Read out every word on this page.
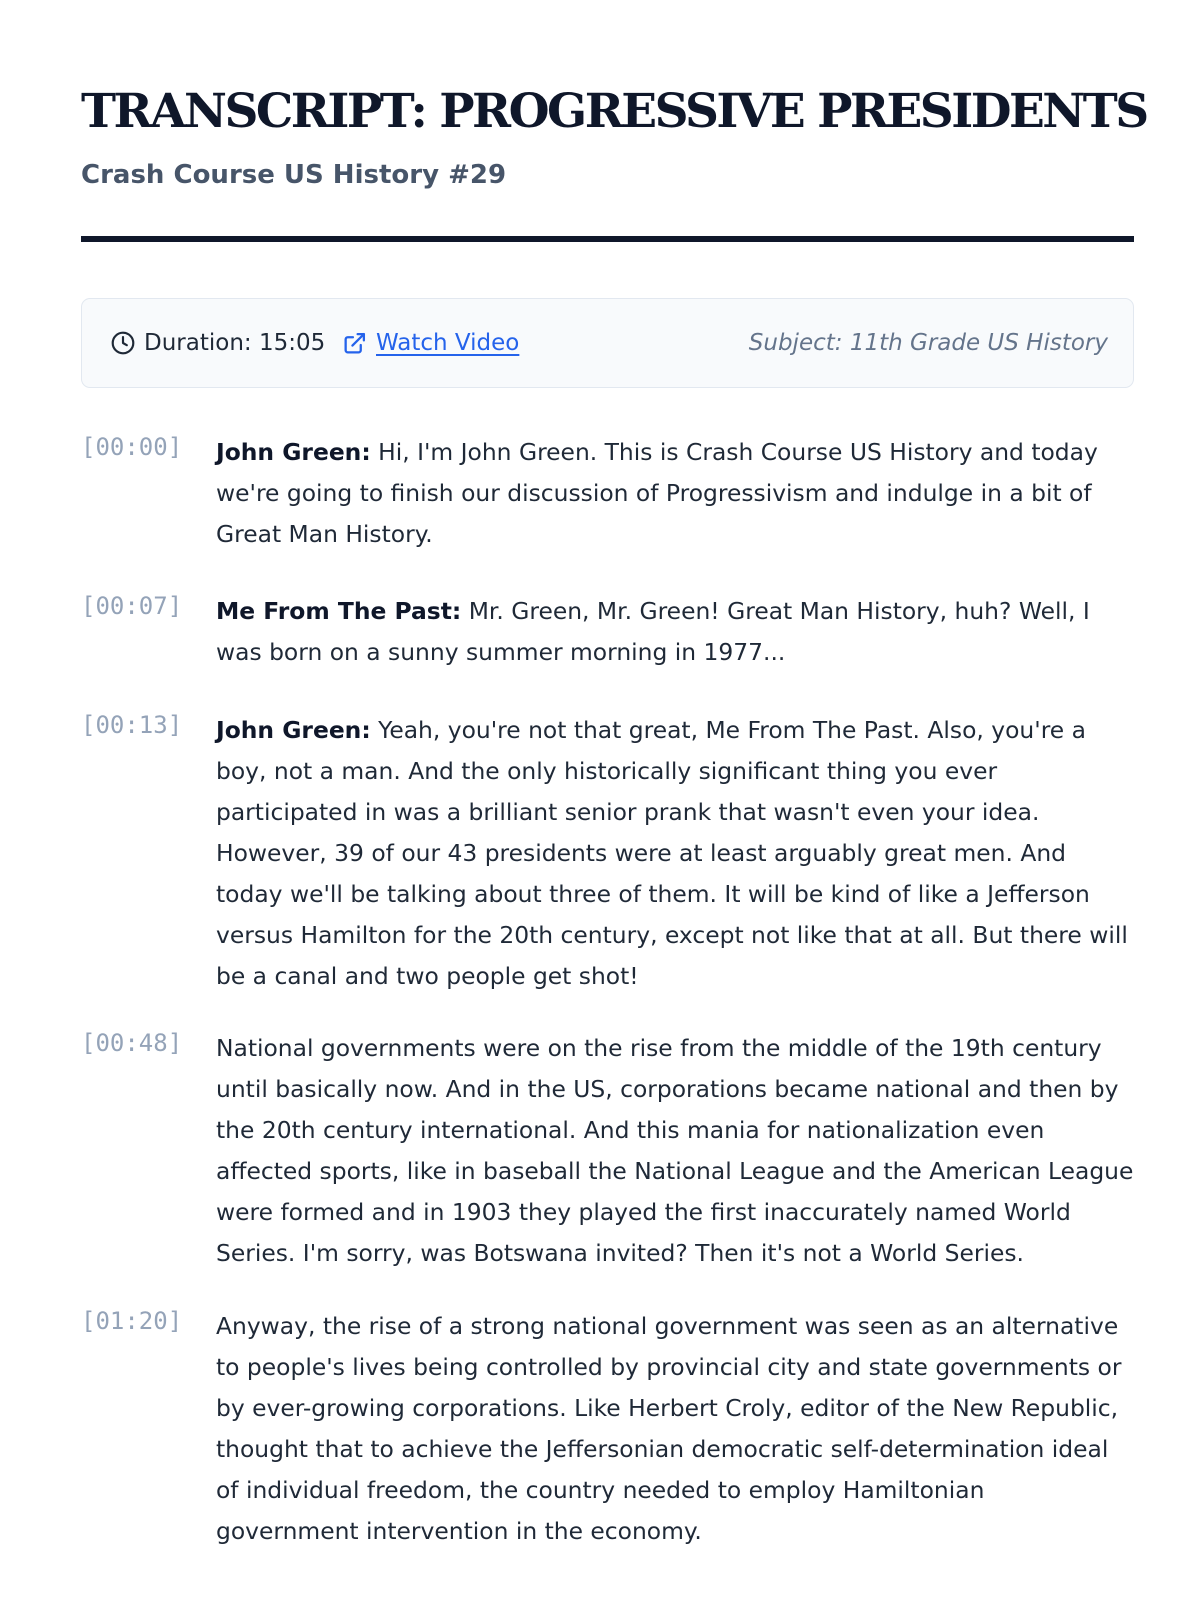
TRANSCRIPT: PROGRESSIVE PRESIDENTS
Crash Course US History #29
Duration: 15:05 Watch Video	Subject: 11th Grade US History
[00:00] John Green: Hi, I'm John Green. This is Crash Course US History and today we're going to finish our discussion of Progressivism and indulge in a bit of Great Man History.

[00:07] Me From The Past: Mr. Green, Mr. Green! Great Man History, huh? Well, I was born on a sunny summer morning in 1977...

[00:13] John Green: Yeah, you're not that great, Me From The Past. Also, you're a boy, not a man. And the only historically significant thing you ever participated in was a brilliant senior prank that wasn't even your idea. However, 39 of our 43 presidents were at least arguably great men. And today we'll be talking about three of them. It will be kind of like a Jefferson versus Hamilton for the 20th century, except not like that at all. But there will be a canal and two people get shot!

[00:48] National governments were on the rise from the middle of the 19th century until basically now. And in the US, corporations became national and then by the 20th century international. And this mania for nationalization even affected sports, like in baseball the National League and the American League were formed and in 1903 they played the first inaccurately named World Series. I'm sorry, was Botswana invited? Then it's not a World Series.

[01:20] Anyway, the rise of a strong national government was seen as an alternative to people's lives being controlled by provincial city and state governments or by ever-growing corporations. Like Herbert Croly, editor of the New Republic, thought that to achieve the Jeffersonian democratic self-determination ideal of individual freedom, the country needed to employ Hamiltonian government intervention in the economy.
